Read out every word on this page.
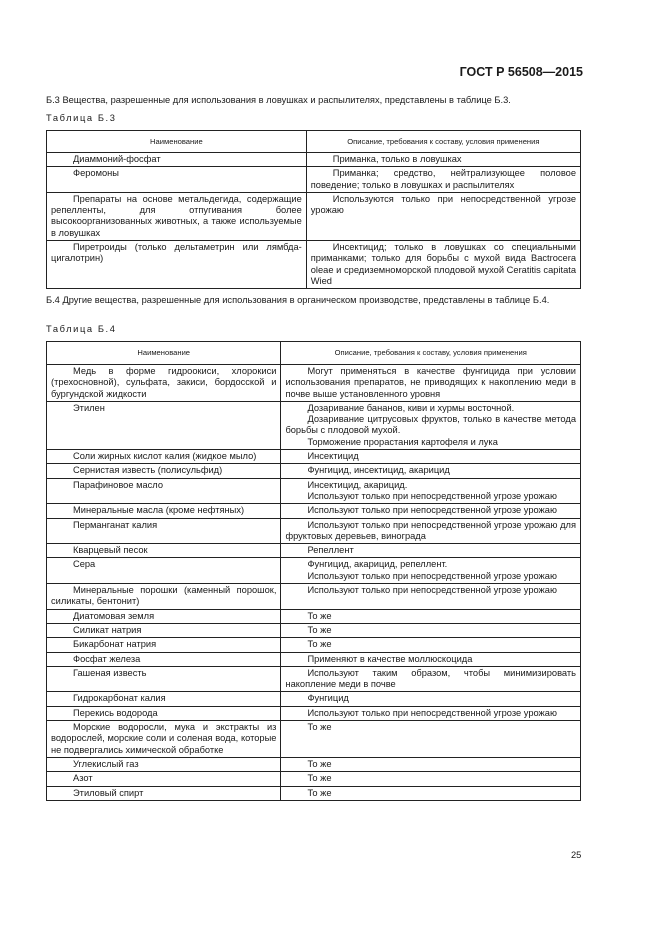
ГОСТ Р 56508—2015
Б.3 Вещества, разрешенные для использования в ловушках и распылителях, представлены в таблице Б.3.
Таблица Б.3
Наименование	Описание, требования к составу, условия применения
Диаммоний-фосфат	Приманка, только в ловушках

Феромоны	Приманка; средство, нейтрализующее половое поведение; только в ловушках и распылителях

Препараты на основе метальдегида, содержащие репелленты, для отпугивания более высокоорганизованных животных, а также используемые в ловушках	Используются только при непосредственной угрозе урожаю

Пиретроиды (только дельтаметрин или лямбда-цигалотрин)	Инсектицид; только в ловушках со специальными приманками; только для борьбы с мухой вида Bactrocera oleae и средиземноморской плодовой мухой Ceratitis capitata Wied
Б.4 Другие вещества, разрешенные для использования в органическом производстве, представлены в таблице Б.4.
Таблица Б.4
Наименование	Описание, требования к составу, условия применения
Медь в форме гидроокиси, хлорокиси (трехосновной), сульфата, закиси, бордосской и бургундской жидкости	Могут применяться в качестве фунгицида при условии использования препаратов, не приводящих к накоплению меди в почве выше установленного уровня

Этилен	Дозаривание бананов, киви и хурмы восточной.
Дозаривание цитрусовых фруктов, только в качестве метода борьбы с плодовой мухой.
Торможение прорастания картофеля и лука

Соли жирных кислот калия (жидкое мыло)	Инсектицид

Сернистая известь (полисульфид)	Фунгицид, инсектицид, акарицид

Парафиновое масло	Инсектицид, акарицид.
Используют только при непосредственной угрозе урожаю

Минеральные масла (кроме нефтяных)	Используют только при непосредственной угрозе урожаю

Перманганат калия	Используют только при непосредственной угрозе урожаю для фруктовых деревьев, винограда

Кварцевый песок	Репеллент

Сера	Фунгицид, акарицид, репеллент.
Используют только при непосредственной угрозе урожаю

Минеральные порошки (каменный порошок, силикаты, бентонит)	Используют только при непосредственной угрозе урожаю

Диатомовая земля	То же

Силикат натрия	То же

Бикарбонат натрия	То же

Фосфат железа	Применяют в качестве моллюскоцида

Гашеная известь	Используют таким образом, чтобы минимизировать накопление меди в почве

Гидрокарбонат калия	Фунгицид

Перекись водорода	Используют только при непосредственной угрозе урожаю

Морские водоросли, мука и экстракты из водорослей, морские соли и соленая вода, которые не подвергались химической обработке	То же

Углекислый газ	То же

Азот	То же

Этиловый спирт	То же
25
